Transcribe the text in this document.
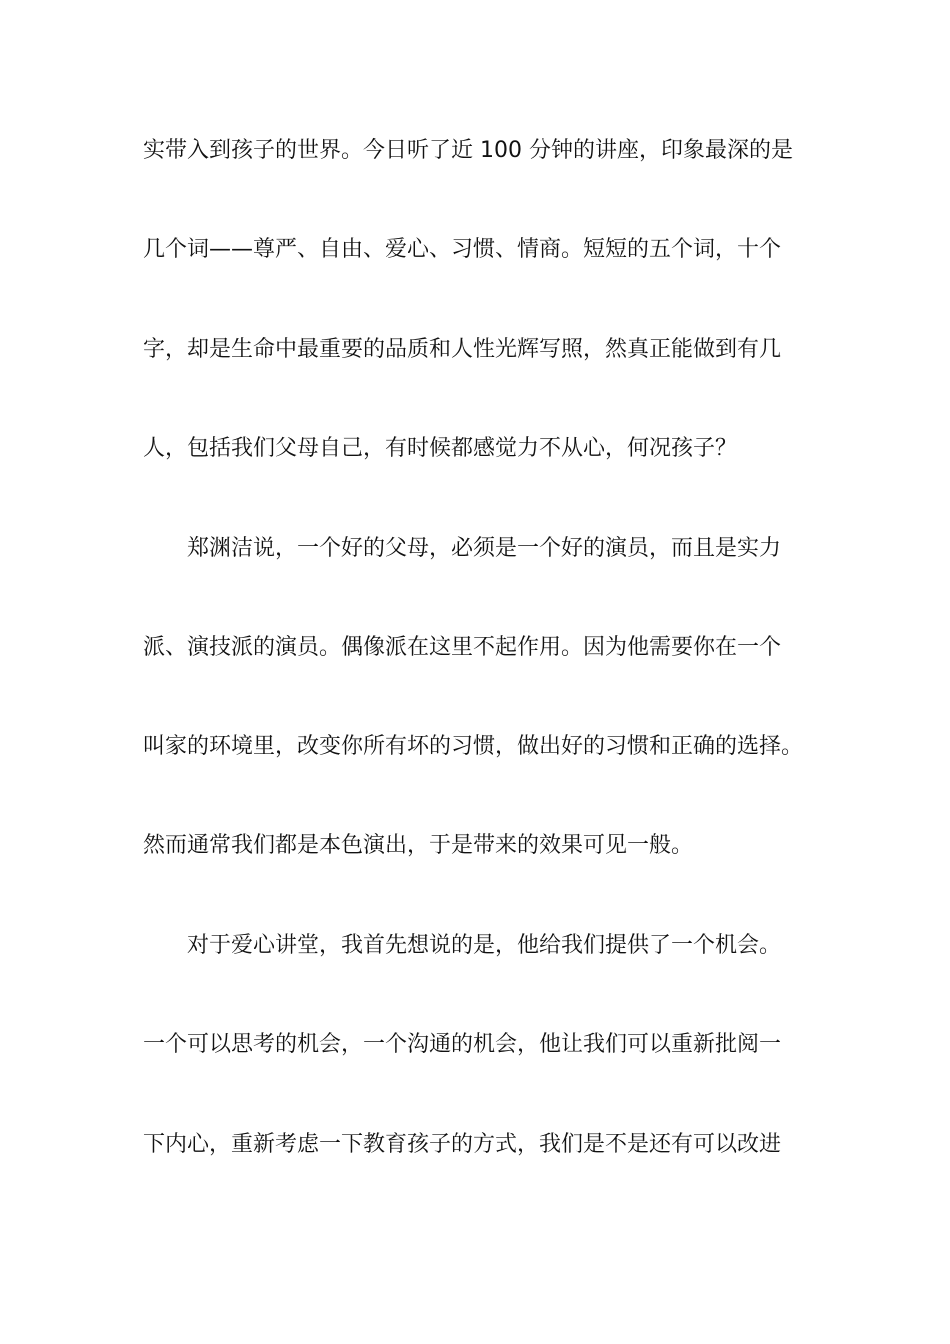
实带入到孩子的世界。今日听了近 100 分钟的讲座，印象最深的是
几个词——尊严、自由、爱心、习惯、情商。短短的五个词，十个
字，却是生命中最重要的品质和人性光辉写照，然真正能做到有几
人，包括我们父母自己，有时候都感觉力不从心，何况孩子？
　　郑渊洁说，一个好的父母，必须是一个好的演员，而且是实力
派、演技派的演员。偶像派在这里不起作用。因为他需要你在一个
叫家的环境里，改变你所有坏的习惯，做出好的习惯和正确的选择。
然而通常我们都是本色演出，于是带来的效果可见一般。
　　对于爱心讲堂，我首先想说的是，他给我们提供了一个机会。
一个可以思考的机会，一个沟通的机会，他让我们可以重新批阅一
下内心，重新考虑一下教育孩子的方式，我们是不是还有可以改进
